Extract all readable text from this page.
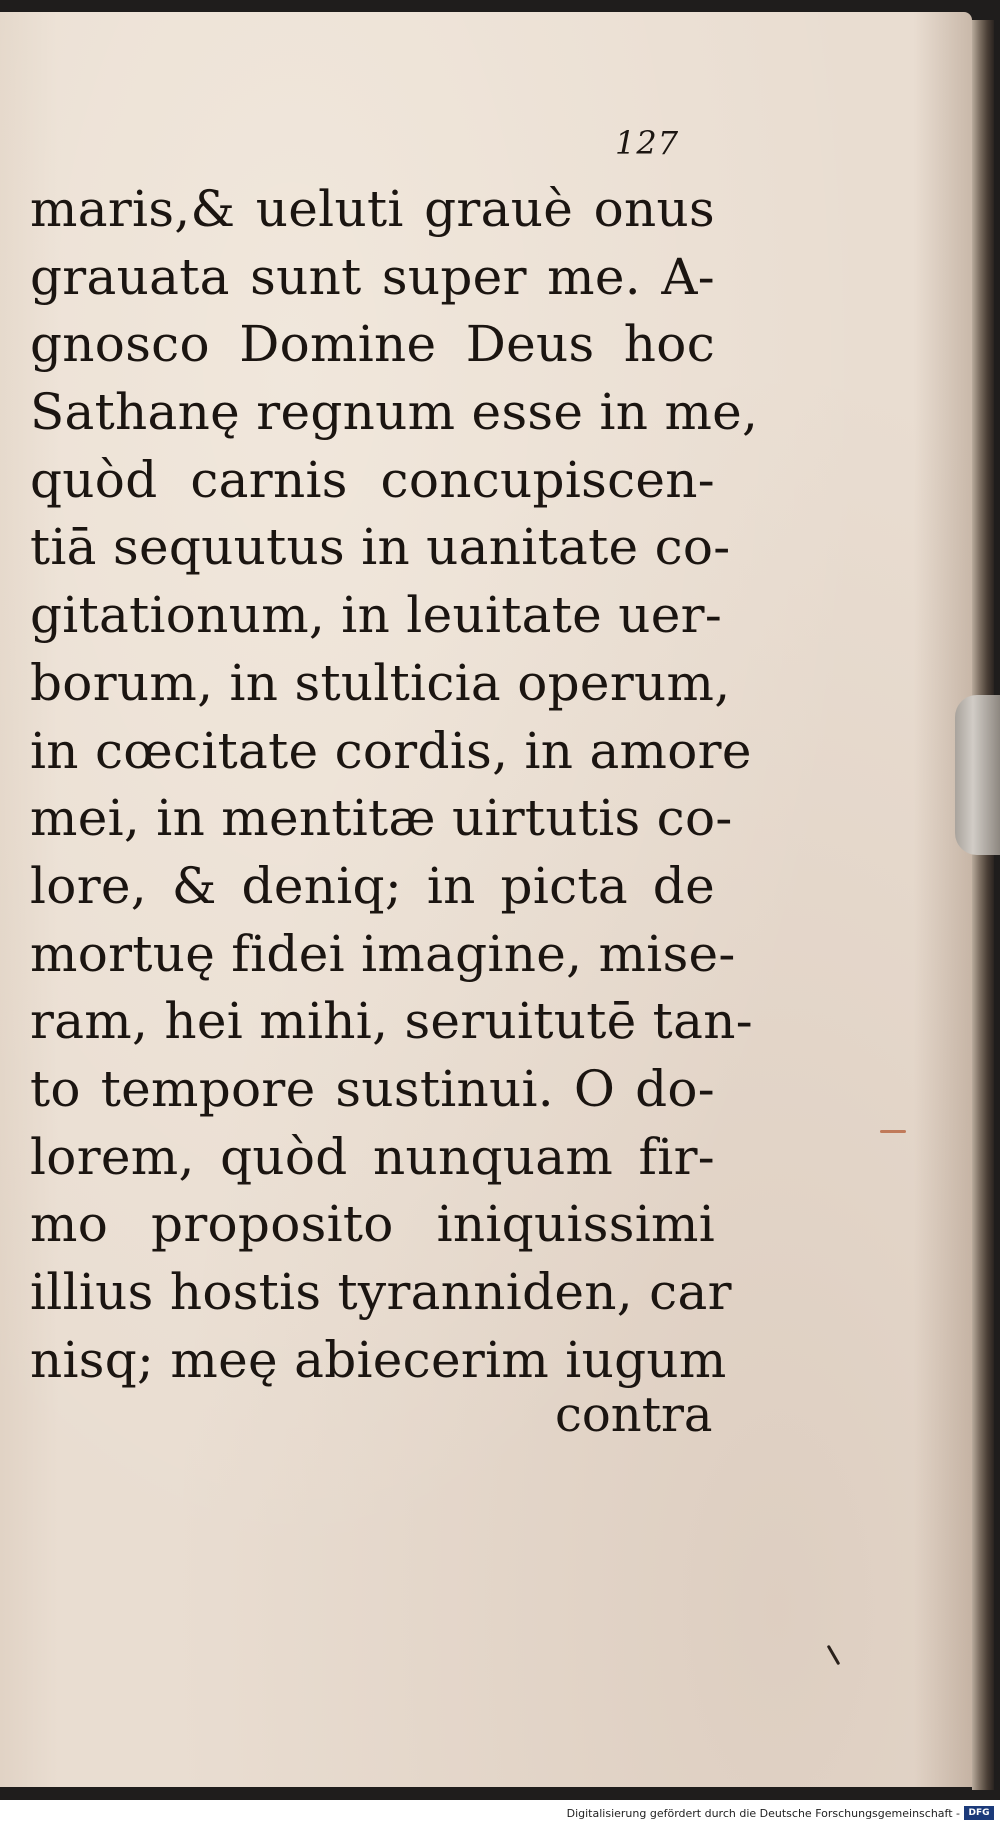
127
maris,& ueluti grauè onus
grauata sunt super me. A-
gnosco Domine Deus hoc
Sathanę regnum esse in me,
quòd carnis concupiscen-
tiā sequutus in uanitate co-
gitationum, in leuitate uer-
borum, in stulticia operum,
in cœcitate cordis, in amore
mei, in mentitæ uirtutis co-
lore, & deniq; in picta de
mortuę fidei imagine, mise-
ram, hei mihi, seruitutē tan-
to tempore sustinui. O do-
lorem, quòd nunquam fir-
mo proposito iniquissimi
illius hostis tyranniden, car
nisq; meę abiecerim iugum
contra
Digitalisierung gefördert durch die Deutsche Forschungsgemeinschaft - DFG
